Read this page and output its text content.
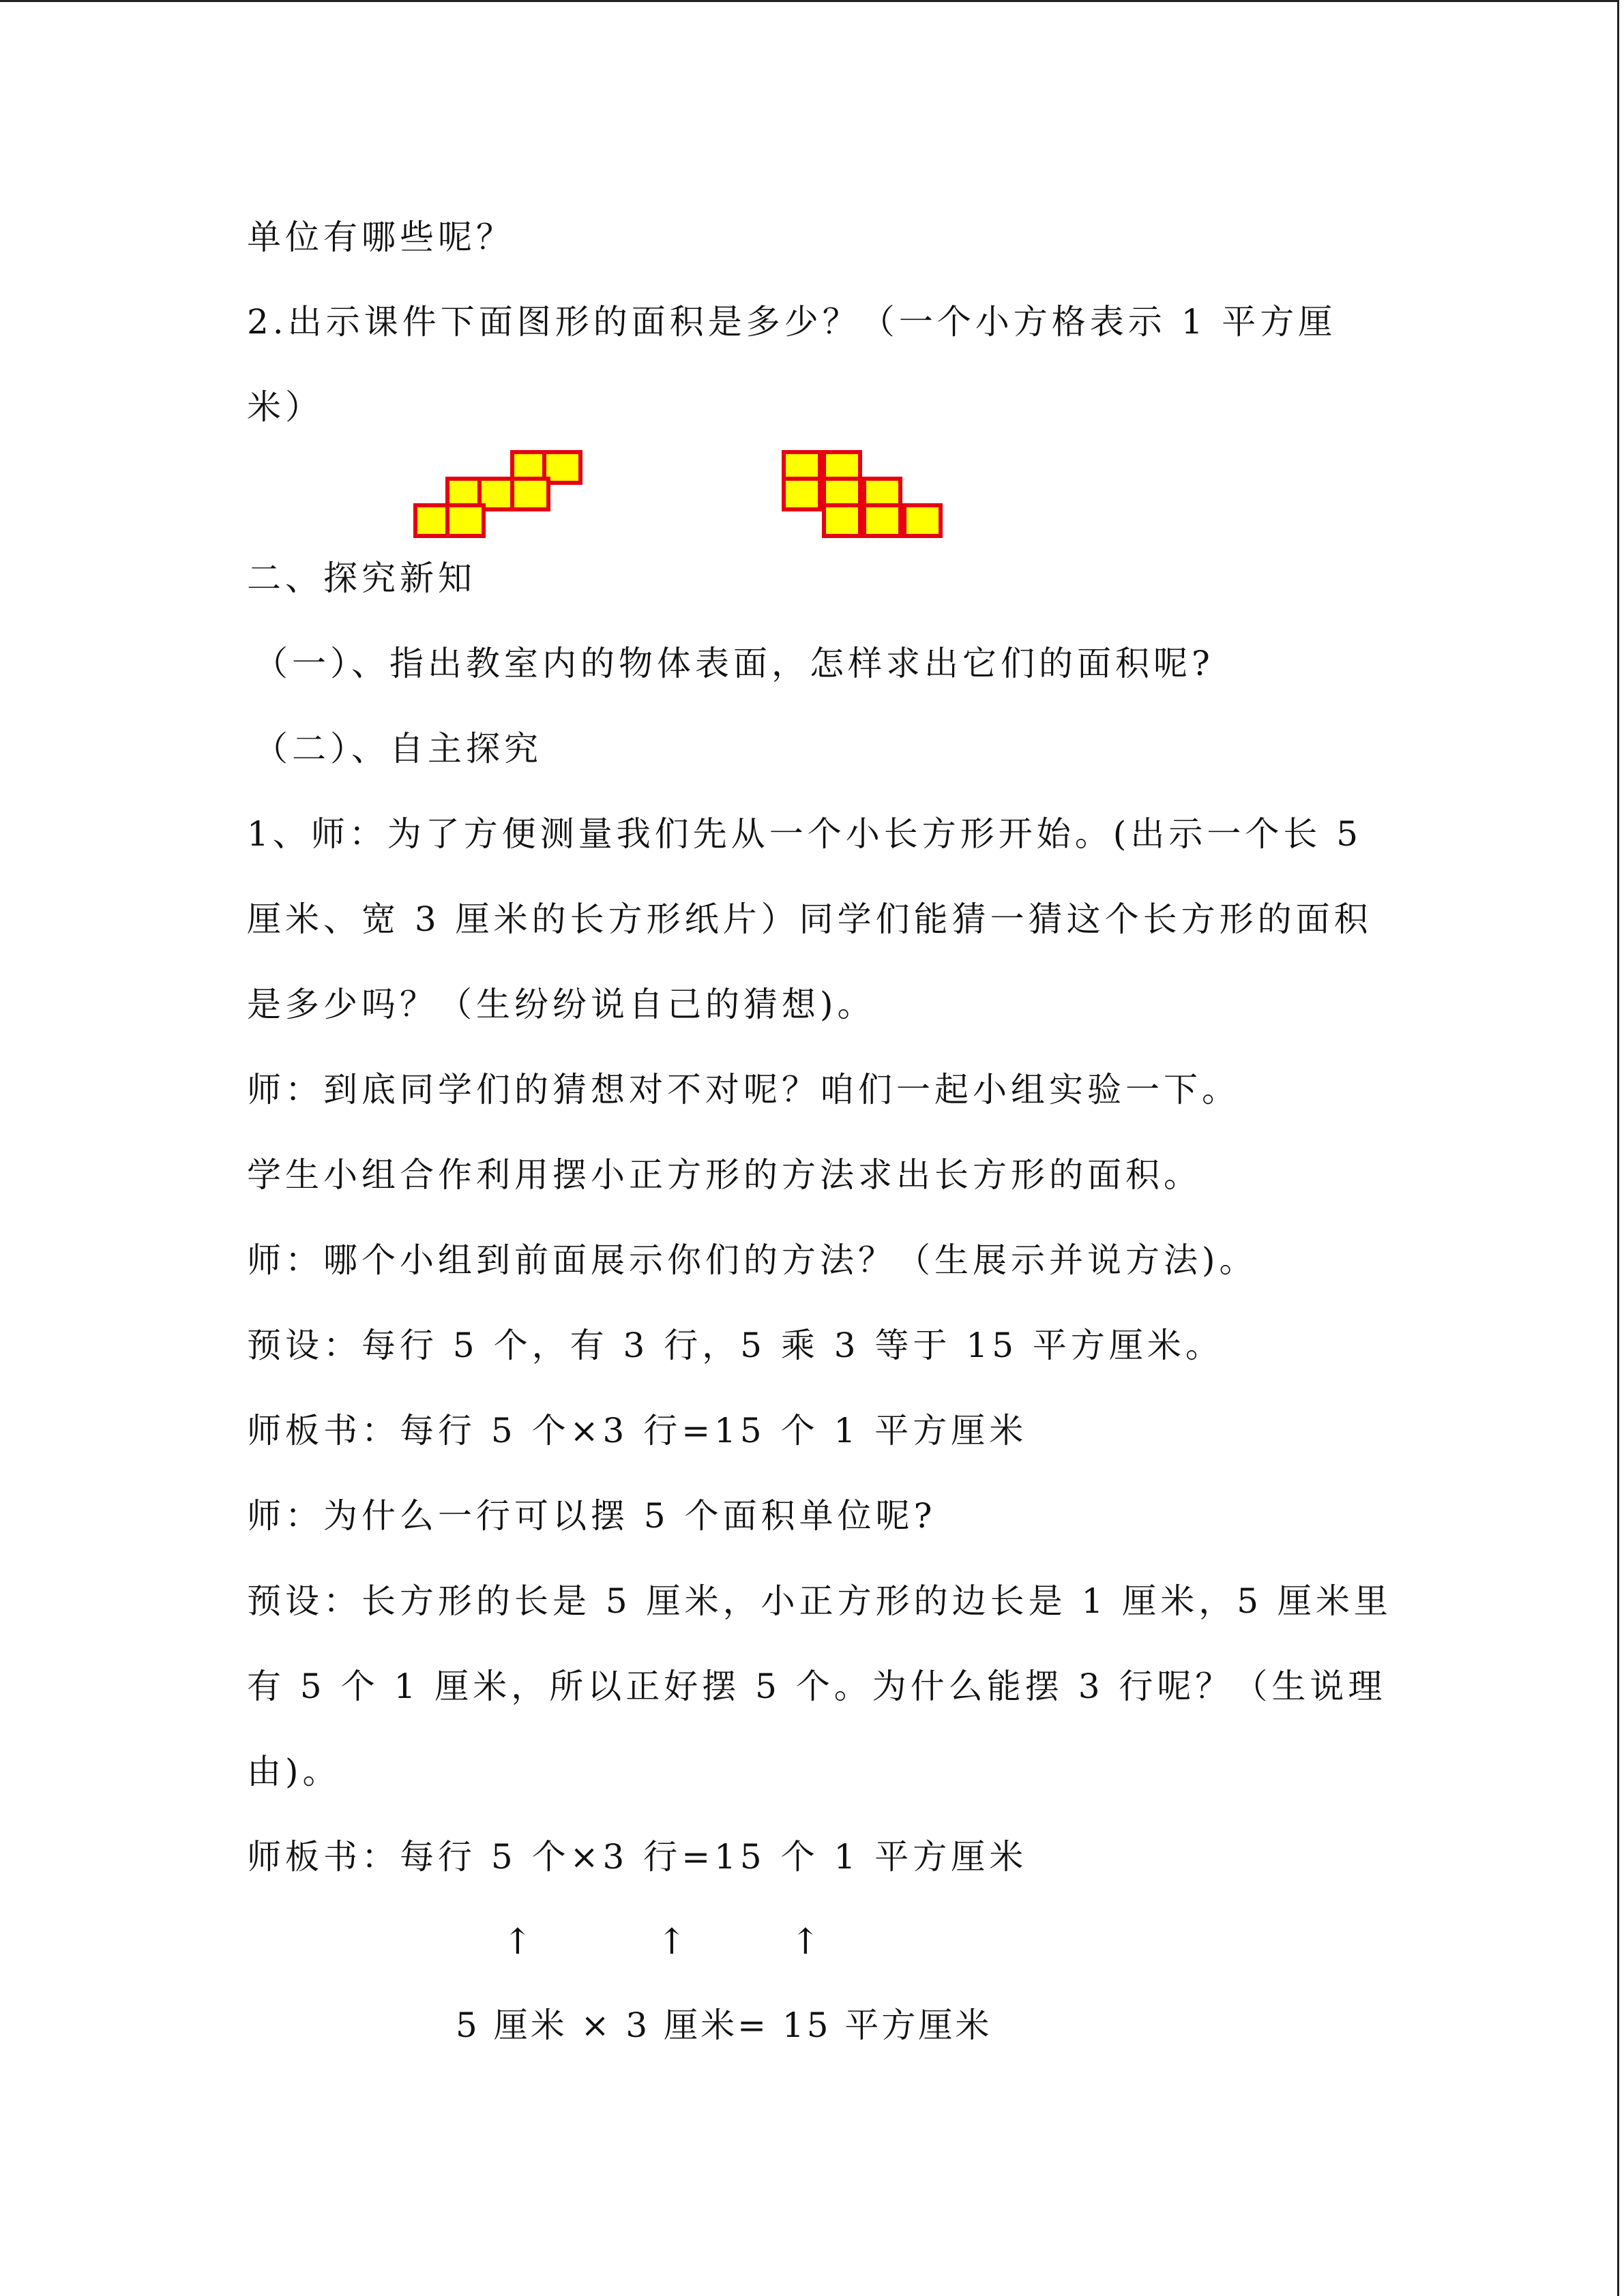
单位有哪些呢？
2.出示课件下面图形的面积是多少？（一个小方格表示 1 平方厘
米）
二、探究新知
（一）、指出教室内的物体表面，怎样求出它们的面积呢?
（二）、自主探究
1、师：为了方便测量我们先从一个小长方形开始。(出示一个长 5
厘米、宽 3 厘米的长方形纸片）同学们能猜一猜这个长方形的面积
是多少吗？（生纷纷说自己的猜想)。
师：到底同学们的猜想对不对呢？咱们一起小组实验一下。
学生小组合作利用摆小正方形的方法求出长方形的面积。
师：哪个小组到前面展示你们的方法？（生展示并说方法)。
预设：每行 5 个，有 3 行，5 乘 3 等于 15 平方厘米。
师板书：每行 5 个×3 行=15 个 1 平方厘米
师：为什么一行可以摆 5 个面积单位呢?
预设：长方形的长是 5 厘米，小正方形的边长是 1 厘米，5 厘米里
有 5 个 1 厘米，所以正好摆 5 个。为什么能摆 3 行呢？（生说理
由)。
师板书：每行 5 个×3 行=15 个 1 平方厘米
↑	↑	↑
5 厘米 × 3 厘米= 15 平方厘米
